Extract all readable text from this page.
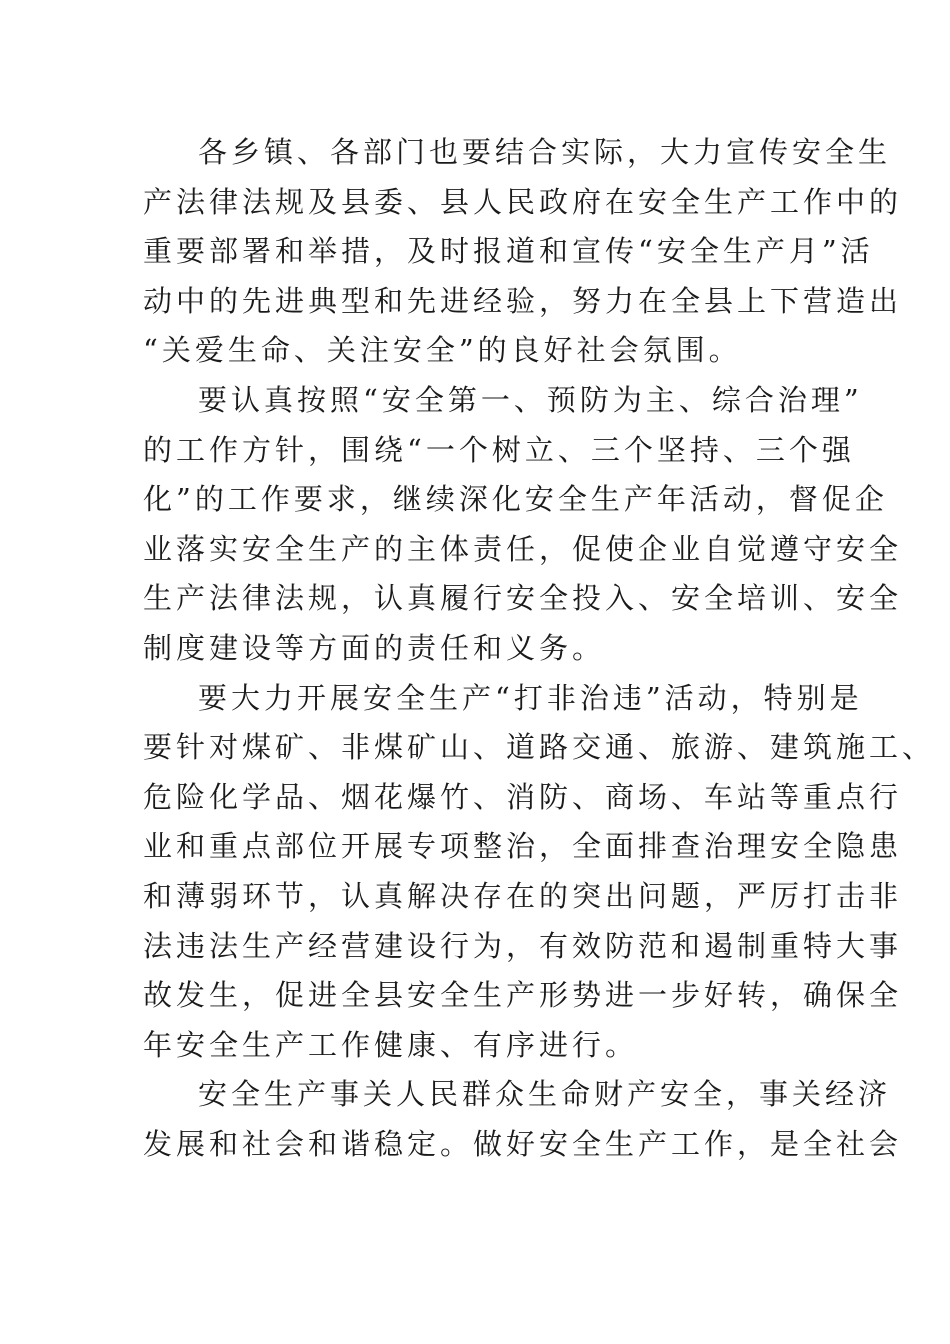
各乡镇、各部门也要结合实际，大力宣传安全生
产法律法规及县委、县人民政府在安全生产工作中的
重要部署和举措，及时报道和宣传“安全生产月”活
动中的先进典型和先进经验，努力在全县上下营造出
“关爱生命、关注安全”的良好社会氛围。
要认真按照“安全第一、预防为主、综合治理”
的工作方针，围绕“一个树立、三个坚持、三个强
化”的工作要求，继续深化安全生产年活动，督促企
业落实安全生产的主体责任，促使企业自觉遵守安全
生产法律法规，认真履行安全投入、安全培训、安全
制度建设等方面的责任和义务。
要大力开展安全生产“打非治违”活动，特别是
要针对煤矿、非煤矿山、道路交通、旅游、建筑施工、
危险化学品、烟花爆竹、消防、商场、车站等重点行
业和重点部位开展专项整治，全面排查治理安全隐患
和薄弱环节，认真解决存在的突出问题，严厉打击非
法违法生产经营建设行为，有效防范和遏制重特大事
故发生，促进全县安全生产形势进一步好转，确保全
年安全生产工作健康、有序进行。
安全生产事关人民群众生命财产安全，事关经济
发展和社会和谐稳定。做好安全生产工作，是全社会
